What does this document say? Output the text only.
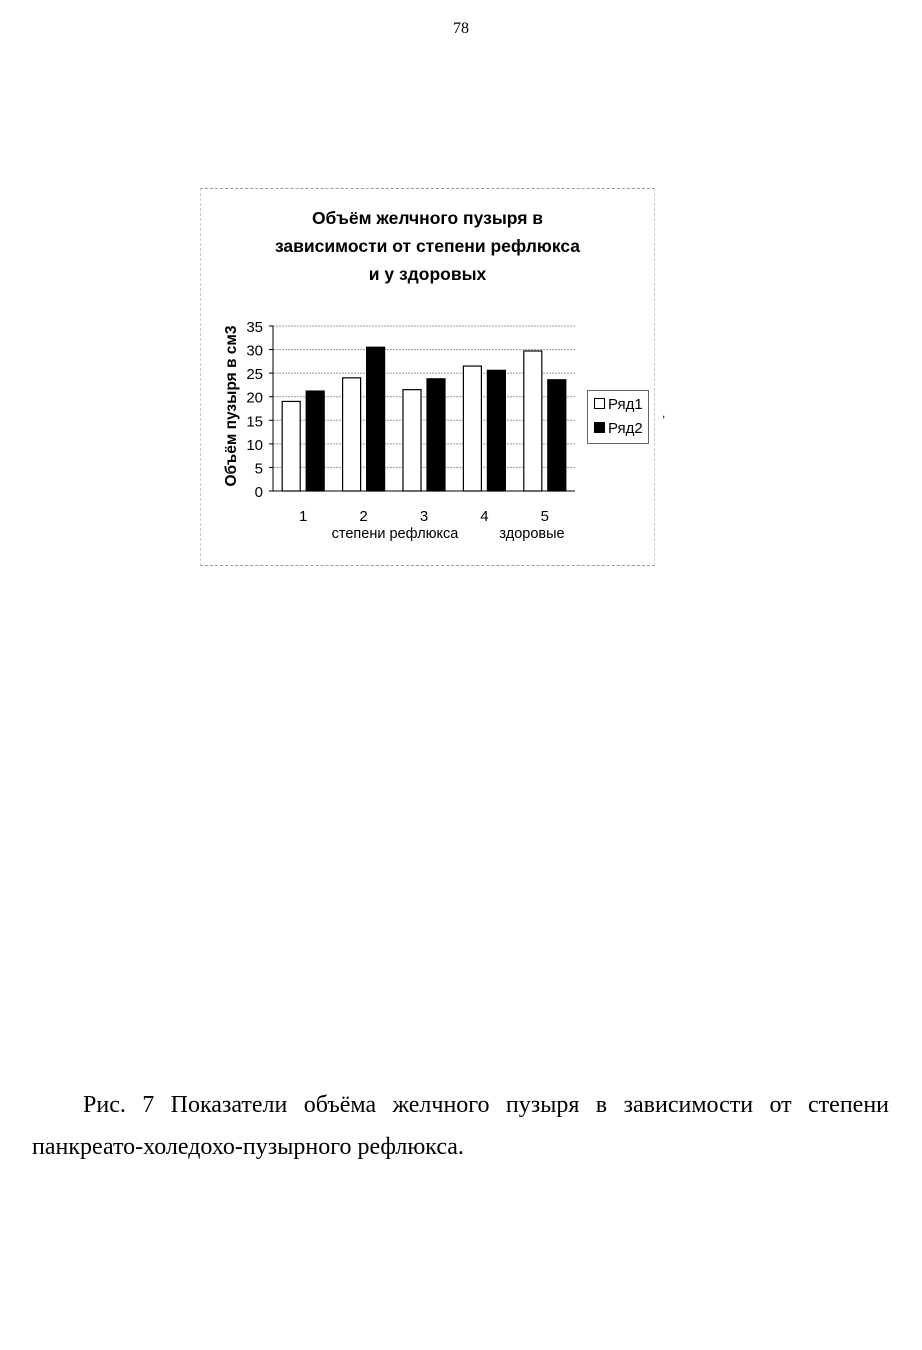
78
Объём желчного пузыря в
зависимости от степени рефлюкса
и у здоровых
0
5
10
15
20
25
30
35
1	2	3	4	5
степени рефлюкса	здоровые
Объём пузыря в см3	Ряд1
Ряд2
,
Рис. 7 Показатели объёма желчного пузыря в зависимости от степени
панкреато-холедохо-пузырного рефлюкса.
